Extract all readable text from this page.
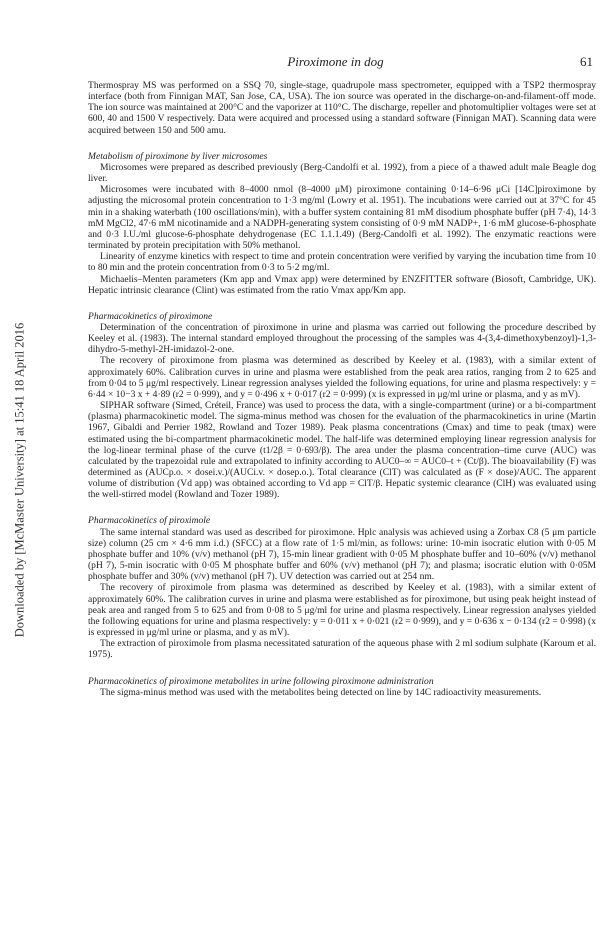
Downloaded by [McMaster University] at 15:41 18 April 2016
Piroximone in dog	61

Thermospray MS was performed on a SSQ 70, single-stage, quadrupole mass spectrometer, equipped with a TSP2 thermospray interface (both from Finnigan MAT, San Jose, CA, USA). The ion source was operated in the discharge-on-and-filament-off mode. The ion source was maintained at 200°C and the vaporizer at 110°C. The discharge, repeller and photomultiplier voltages were set at 600, 40 and 1500 V respectively. Data were acquired and processed using a standard software (Finnigan MAT). Scanning data were acquired between 150 and 500 amu.

Metabolism of piroximone by liver microsomes

Microsomes were prepared as described previously (Berg-Candolfi et al. 1992), from a piece of a thawed adult male Beagle dog liver.

Microsomes were incubated with 8–4000 nmol (8–4000 μM) piroximone containing 0·14–6·96 μCi [14C]piroximone by adjusting the microsomal protein concentration to 1·3 mg/ml (Lowry et al. 1951). The incubations were carried out at 37°C for 45 min in a shaking waterbath (100 oscillations/min), with a buffer system containing 81 mM disodium phosphate buffer (pH 7·4), 14·3 mM MgCl2, 47·6 mM nicotinamide and a NADPH-generating system consisting of 0·9 mM NADP+, 1·6 mM glucose-6-phosphate and 0·3 I.U./ml glucose-6-phosphate dehydrogenase (EC 1.1.1.49) (Berg-Candolfi et al. 1992). The enzymatic reactions were terminated by protein precipitation with 50% methanol.

Linearity of enzyme kinetics with respect to time and protein concentration were verified by varying the incubation time from 10 to 80 min and the protein concentration from 0·3 to 5·2 mg/ml.

Michaelis–Menten parameters (Km app and Vmax app) were determined by ENZFITTER software (Biosoft, Cambridge, UK). Hepatic intrinsic clearance (Clint) was estimated from the ratio Vmax app/Km app.

Pharmacokinetics of piroximone

Determination of the concentration of piroximone in urine and plasma was carried out following the procedure described by Keeley et al. (1983). The internal standard employed throughout the processing of the samples was 4-(3,4-dimethoxybenzoyl)-1,3-dihydro-5-methyl-2H-imidazol-2-one.

The recovery of piroximone from plasma was determined as described by Keeley et al. (1983), with a similar extent of approximately 60%. Calibration curves in urine and plasma were established from the peak area ratios, ranging from 2 to 625 and from 0·04 to 5 μg/ml respectively. Linear regression analyses yielded the following equations, for urine and plasma respectively: y = 6·44 × 10−3 x + 4·89 (r2 = 0·999), and y = 0·496 x + 0·017 (r2 = 0·999) (x is expressed in μg/ml urine or plasma, and y as mV).

SIPHAR software (Simed, Créteil, France) was used to process the data, with a single-compartment (urine) or a bi-compartment (plasma) pharmacokinetic model. The sigma-minus method was chosen for the evaluation of the pharmacokinetics in urine (Martin 1967, Gibaldi and Perrier 1982, Rowland and Tozer 1989). Peak plasma concentrations (Cmax) and time to peak (tmax) were estimated using the bi-compartment pharmacokinetic model. The half-life was determined employing linear regression analysis for the log-linear terminal phase of the curve (t1/2β = 0·693/β). The area under the plasma concentration–time curve (AUC) was calculated by the trapezoidal rule and extrapolated to infinity according to AUC0–∞ = AUC0–t + (Ct/β). The bioavailability (F) was determined as (AUCp.o. × dosei.v.)/(AUCi.v. × dosep.o.). Total clearance (ClT) was calculated as (F × dose)/AUC. The apparent volume of distribution (Vd app) was obtained according to Vd app = ClT/β. Hepatic systemic clearance (ClH) was evaluated using the well-stirred model (Rowland and Tozer 1989).

Pharmacokinetics of piroximole

The same internal standard was used as described for piroximone. Hplc analysis was achieved using a Zorbax C8 (5 μm particle size) column (25 cm × 4·6 mm i.d.) (SFCC) at a flow rate of 1·5 ml/min, as follows: urine: 10-min isocratic elution with 0·05 M phosphate buffer and 10% (v/v) methanol (pH 7), 15-min linear gradient with 0·05 M phosphate buffer and 10–60% (v/v) methanol (pH 7), 5-min isocratic with 0·05 M phosphate buffer and 60% (v/v) methanol (pH 7); and plasma; isocratic elution with 0·05M phosphate buffer and 30% (v/v) methanol (pH 7). UV detection was carried out at 254 nm.

The recovery of piroximole from plasma was determined as described by Keeley et al. (1983), with a similar extent of approximately 60%. The calibration curves in urine and plasma were established as for piroximone, but using peak height instead of peak area and ranged from 5 to 625 and from 0·08 to 5 μg/ml for urine and plasma respectively. Linear regression analyses yielded the following equations for urine and plasma respectively: y = 0·011 x + 0·021 (r2 = 0·999), and y = 0·636 x − 0·134 (r2 = 0·998) (x is expressed in μg/ml urine or plasma, and y as mV).

The extraction of piroximole from plasma necessitated saturation of the aqueous phase with 2 ml sodium sulphate (Karoum et al. 1975).

Pharmacokinetics of piroximone metabolites in urine following piroximone administration

The sigma-minus method was used with the metabolites being detected on line by 14C radioactivity measurements.
